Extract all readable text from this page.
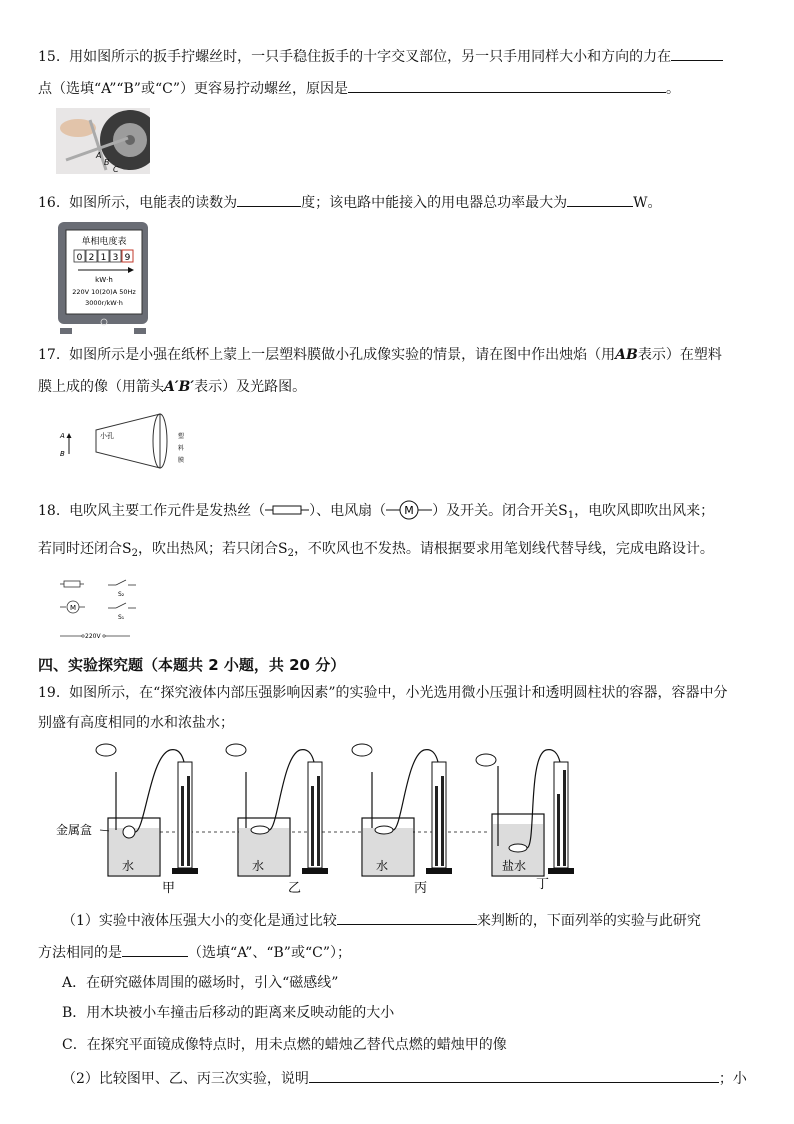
15. 用如图所示的扳手拧螺丝时，一只手稳住扳手的十字交叉部位，另一只手用同样大小和方向的力在
点（选填“A”“B”或“C”）更容易拧动螺丝，原因是	。
A
B
C
16. 如图所示，电能表的读数为	度；该电路中能接入的用电器总功率最大为	W。
单相电度表
0 2 1 3 9
kW·h
220V 10(20)A 50Hz
3000r/kW·h
17. 如图所示是小强在纸杯上蒙上一层塑料膜做小孔成像实验的情景，请在图中作出烛焰（用AB表示）在塑料
膜上成的像（用箭头A′B′表示）及光路图。
A
B
小孔	塑
料
膜
18. 电吹风主要工作元件是发热丝（	）、电风扇（ M ）及开关。闭合开关$S_1$，电吹风即吹出风来；
若同时还闭合$S_2$，吹出热风；若只闭合$S_2$，不吹风也不发热。请根据要求用笔划线代替导线，完成电路设计。
S₂
M
S₁
220V
四、实验探究题（本题共 2 小题，共 20 分）
19. 如图所示，在“探究液体内部压强影响因素”的实验中，小光选用微小压强计和透明圆柱状的容器，容器中分
别盛有高度相同的水和浓盐水；
金属盒
水
甲
水
乙
水
丙
盐水
丁
（1）实验中液体压强大小的变化是通过比较	来判断的，下面列举的实验与此研究
方法相同的是	（选填“A”、“B”或“C”）；
A．在研究磁体周围的磁场时，引入“磁感线”
B．用木块被小车撞击后移动的距离来反映动能的大小
C．在探究平面镜成像特点时，用未点燃的蜡烛乙替代点燃的蜡烛甲的像
（2）比较图甲、乙、丙三次实验，说明	；小
